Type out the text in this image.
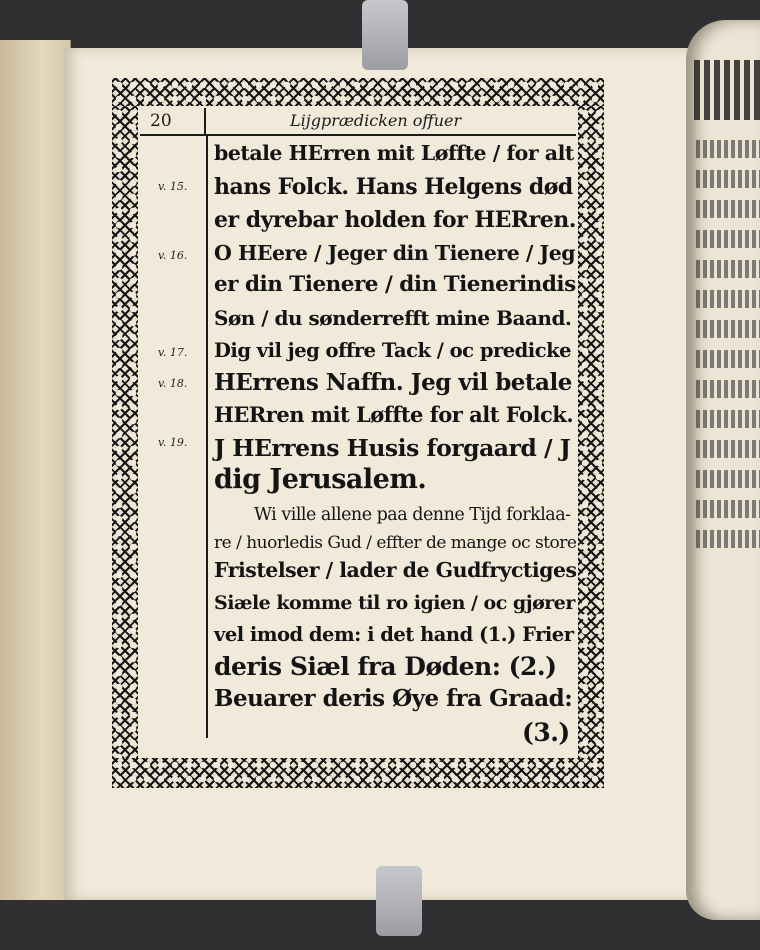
20	Lijgprædicken offuer
v. 15.
v. 16.
v. 17.
v. 18.
v. 19.
betale HErren mit Løffte / for alt
hans Folck. Hans Helgens død
er dyrebar holden for HERren.
O HEere / Jeger din Tienere / Jeg
er din Tienere / din Tienerindis
Søn / du sønderrefft mine Baand.
Dig vil jeg offre Tack / oc predicke
HErrens Naffn. Jeg vil betale
HERren mit Løffte for alt Folck.
J HErrens Husis forgaard / J
dig Jerusalem.
Wi ville allene paa denne Tijd forklaa-
re / huorledis Gud / effter de mange oc store
Fristelser / lader de Gudfryctiges
Siæle komme til ro igien / oc gjører
vel imod dem: i det hand (1.) Frier
deris Siæl fra Døden: (2.)
Beuarer deris Øye fra Graad:
(3.)
